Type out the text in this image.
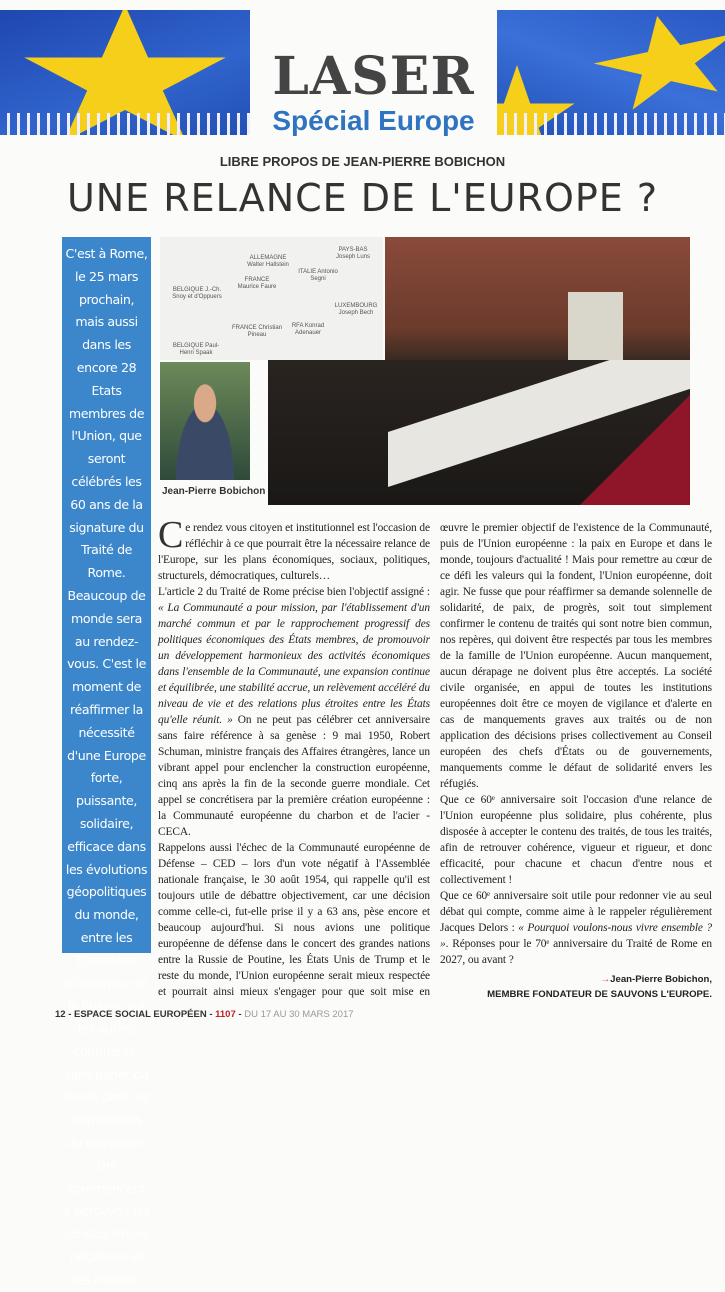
LASER
Spécial Europe
LIBRE PROPOS DE JEAN-PIERRE BOBICHON
UNE RELANCE DE L'EUROPE ?
C'est à Rome, le 25 mars prochain, mais aussi dans les encore 28 Etats membres de l'Union, que seront célébrés les 60 ans de la signature du Traité de Rome. Beaucoup de monde sera au rendez-vous. C'est le moment de réaffirmer la nécessité d'une Europe forte, puissante, solidaire, efficace dans les évolutions géopolitiques du monde, entre les États-Unis d'Amérique et la Russie, sur les autres continents, sans parler du Brexit dont les populations du Royaume-Uni commencent à percevoir les conséquences négatives et les risques.
PAYS-BAS Joseph Luns
ALLEMAGNE Walter Hallstein
ITALIE Antonio Segni
FRANCE Maurice Faure
BELGIQUE J.-Ch. Snoy et d'Oppuers
LUXEMBOURG Joseph Bech
RFA Konrad Adenauer
FRANCE Christian Pineau
BELGIQUE Paul-Henri Spaak
Jean-Pierre Bobichon

Ce rendez vous citoyen et institutionnel est l'occasion de réfléchir à ce que pourrait être la nécessaire relance de l'Europe, sur les plans économiques, sociaux, politiques, structurels, démocratiques, culturels…

L'article 2 du Traité de Rome précise bien l'objectif assigné : « La Communauté a pour mission, par l'établissement d'un marché commun et par le rapprochement progressif des politiques économiques des États membres, de promouvoir un développement harmonieux des activités économiques dans l'ensemble de la Communauté, une expansion continue et équilibrée, une stabilité accrue, un relèvement accéléré du niveau de vie et des relations plus étroites entre les États qu'elle réunit. » On ne peut pas célébrer cet anniversaire sans faire référence à sa genèse : 9 mai 1950, Robert Schuman, ministre français des Affaires étrangères, lance un vibrant appel pour enclencher la construction européenne, cinq ans après la fin de la seconde guerre mondiale. Cet appel se concrétisera par la première création européenne : la Communauté européenne du charbon et de l'acier - CECA.

Rappelons aussi l'échec de la Communauté européenne de Défense – CED – lors d'un vote négatif à l'Assemblée nationale française, le 30 août 1954, qui rappelle qu'il est toujours utile de débattre objectivement, car une décision comme celle-ci, fut-elle prise il y a 63 ans, pèse encore et beaucoup aujourd'hui. Si nous avions une politique européenne de défense dans le concert des grandes nations entre la Russie de Poutine, les États Unis de Trump et le reste du monde, l'Union européenne serait mieux respectée et pourrait ainsi mieux s'engager pour que soit mise en œuvre le premier objectif de l'existence de la Communauté, puis de l'Union européenne : la paix en Europe et dans le monde, toujours d'actualité ! Mais pour remettre au cœur de ce défi les valeurs qui la fondent, l'Union européenne, doit agir. Ne fusse que pour réaffirmer sa demande solennelle de solidarité, de paix, de progrès, soit tout simplement confirmer le contenu de traités qui sont notre bien commun, nos repères, qui doivent être respectés par tous les membres de la famille de l'Union européenne. Aucun manquement, aucun dérapage ne doivent plus être acceptés. La société civile organisée, en appui de toutes les institutions européennes doit être ce moyen de vigilance et d'alerte en cas de manquements graves aux traités ou de non application des décisions prises collectivement au Conseil européen des chefs d'États ou de gouvernements, manquements comme le défaut de solidarité envers les réfugiés.

Que ce 60ᵉ anniversaire soit l'occasion d'une relance de l'Union européenne plus solidaire, plus cohérente, plus disposée à accepter le contenu des traités, de tous les traités, afin de retrouver cohérence, vigueur et rigueur, et donc efficacité, pour chacune et chacun d'entre nous et collectivement !

Que ce 60ᵉ anniversaire soit utile pour redonner vie au seul débat qui compte, comme aime à le rappeler régulièrement Jacques Delors : « Pourquoi voulons-nous vivre ensemble ? ». Réponses pour le 70ᵉ anniversaire du Traité de Rome en 2027, ou avant ?

→Jean-Pierre Bobichon,
MEMBRE FONDATEUR DE SAUVONS L'EUROPE.
12 - ESPACE SOCIAL EUROPÉEN - 1107 - DU 17 AU 30 MARS 2017
